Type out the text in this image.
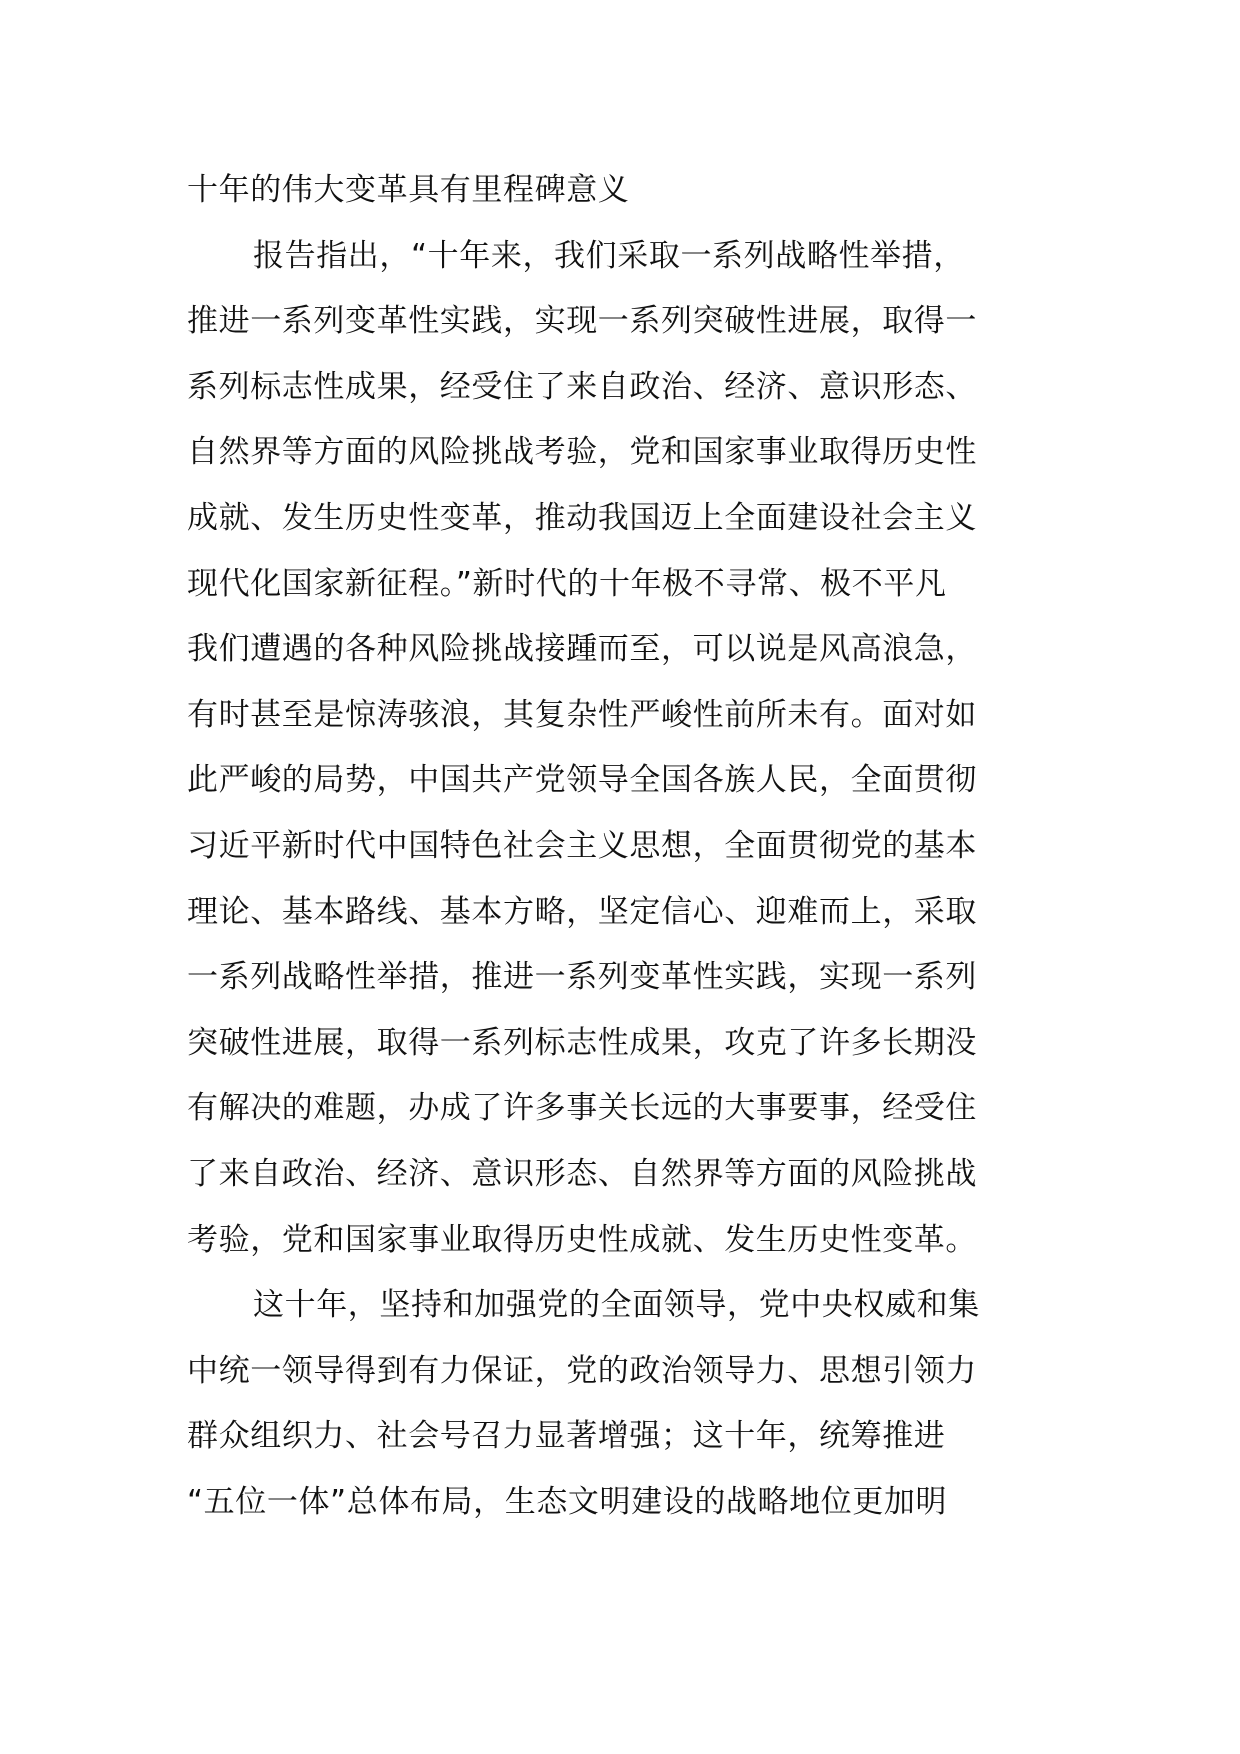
十年的伟大变革具有里程碑意义
报告指出，“十年来，我们采取一系列战略性举措，
推进一系列变革性实践，实现一系列突破性进展，取得一
系列标志性成果，经受住了来自政治、经济、意识形态、
自然界等方面的风险挑战考验，党和国家事业取得历史性
成就、发生历史性变革，推动我国迈上全面建设社会主义
现代化国家新征程。”新时代的十年极不寻常、极不平凡
我们遭遇的各种风险挑战接踵而至，可以说是风高浪急，
有时甚至是惊涛骇浪，其复杂性严峻性前所未有。面对如
此严峻的局势，中国共产党领导全国各族人民，全面贯彻
习近平新时代中国特色社会主义思想，全面贯彻党的基本
理论、基本路线、基本方略，坚定信心、迎难而上，采取
一系列战略性举措，推进一系列变革性实践，实现一系列
突破性进展，取得一系列标志性成果，攻克了许多长期没
有解决的难题，办成了许多事关长远的大事要事，经受住
了来自政治、经济、意识形态、自然界等方面的风险挑战
考验，党和国家事业取得历史性成就、发生历史性变革。
这十年，坚持和加强党的全面领导，党中央权威和集
中统一领导得到有力保证，党的政治领导力、思想引领力
群众组织力、社会号召力显著增强；这十年，统筹推进
“五位一体”总体布局，生态文明建设的战略地位更加明
